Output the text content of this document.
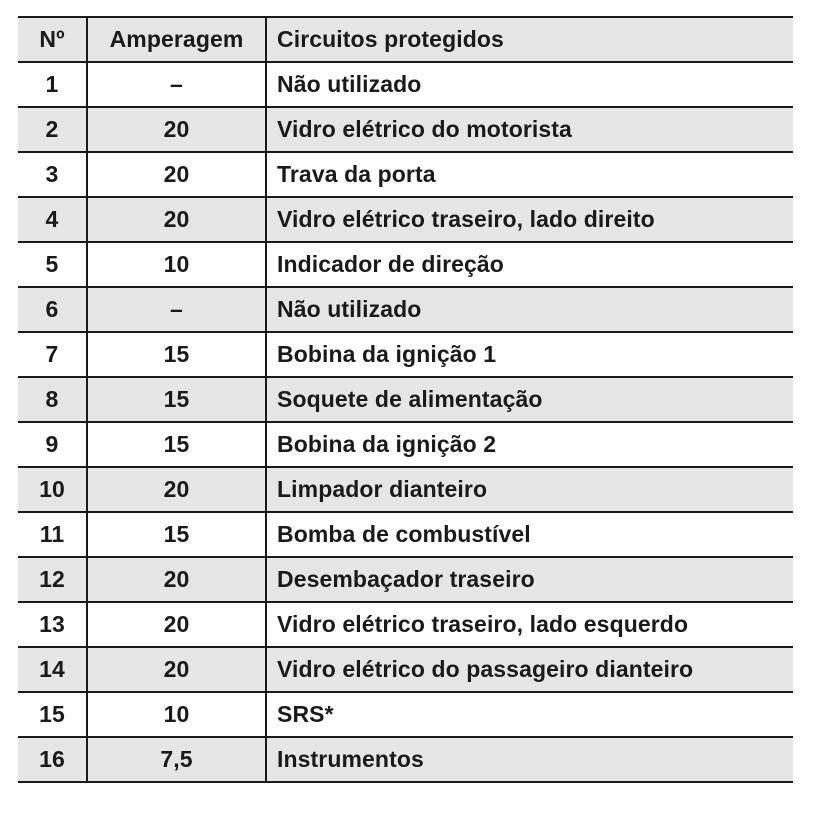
Nº	Amperagem	Circuitos protegidos
1	–	Não utilizado
2	20	Vidro elétrico do motorista
3	20	Trava da porta
4	20	Vidro elétrico traseiro, lado direito
5	10	Indicador de direção
6	–	Não utilizado
7	15	Bobina da ignição 1
8	15	Soquete de alimentação
9	15	Bobina da ignição 2
10	20	Limpador dianteiro
11	15	Bomba de combustível
12	20	Desembaçador traseiro
13	20	Vidro elétrico traseiro, lado esquerdo
14	20	Vidro elétrico do passageiro dianteiro
15	10	SRS*
16	7,5	Instrumentos
